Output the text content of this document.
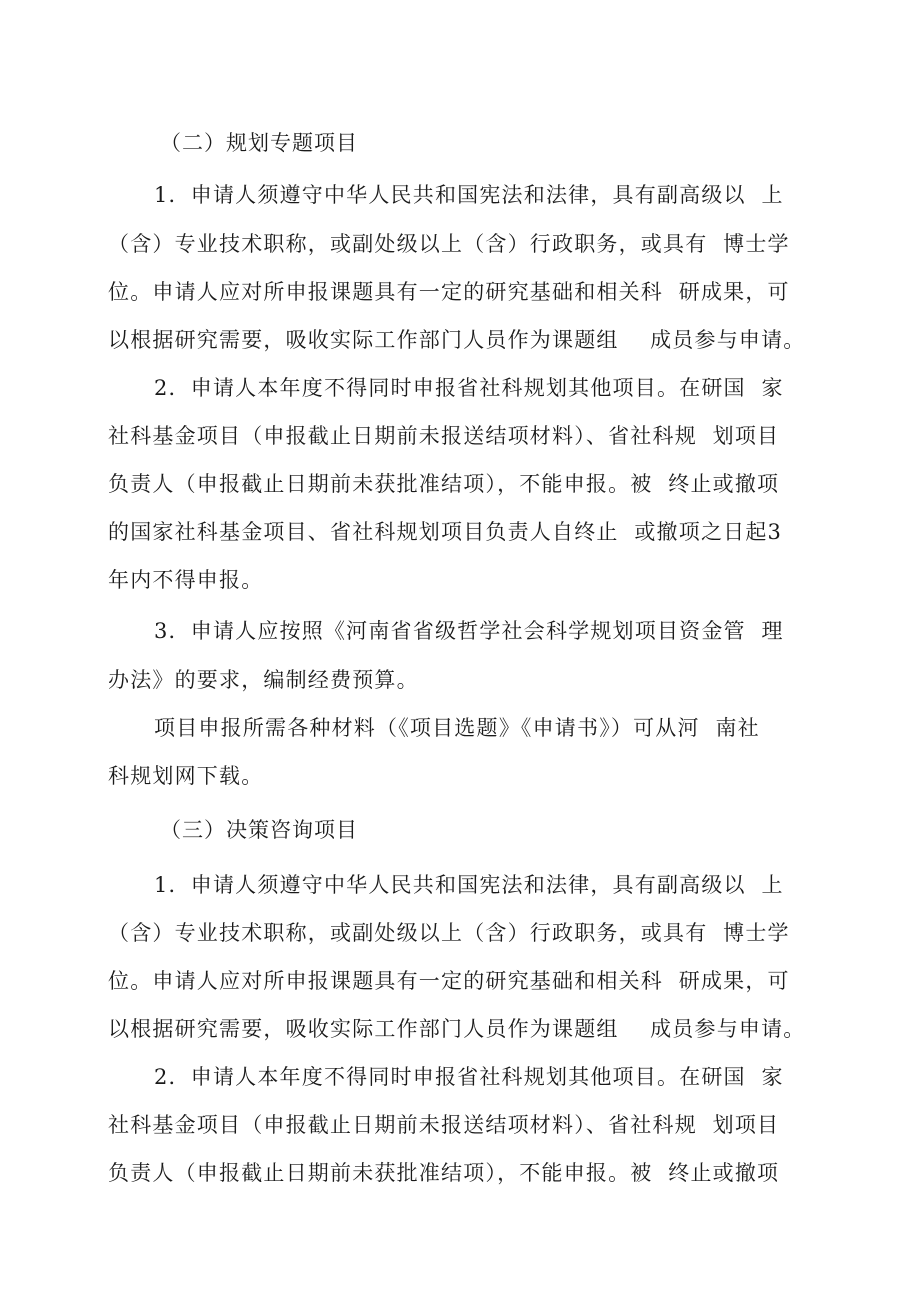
（二）规划专题项目
1．申请人须遵守中华人民共和国宪法和法律，具有副高级以  上
（含）专业技术职称，或副处级以上（含）行政职务，或具有  博士学
位。申请人应对所申报课题具有一定的研究基础和相关科  研成果，可
以根据研究需要，吸收实际工作部门人员作为课题组    成员参与申请。
2．申请人本年度不得同时申报省社科规划其他项目。在研国  家
社科基金项目（申报截止日期前未报送结项材料）、省社科规  划项目
负责人（申报截止日期前未获批准结项），不能申报。被  终止或撤项
的国家社科基金项目、省社科规划项目负责人自终止  或撤项之日起3
年内不得申报。
3．申请人应按照《河南省省级哲学社会科学规划项目资金管  理
办法》的要求，编制经费预算。
项目申报所需各种材料（《项目选题》《申请书》）可从河  南社
科规划网下载。
（三）决策咨询项目
1．申请人须遵守中华人民共和国宪法和法律，具有副高级以  上
（含）专业技术职称，或副处级以上（含）行政职务，或具有  博士学
位。申请人应对所申报课题具有一定的研究基础和相关科  研成果，可
以根据研究需要，吸收实际工作部门人员作为课题组    成员参与申请。
2．申请人本年度不得同时申报省社科规划其他项目。在研国  家
社科基金项目（申报截止日期前未报送结项材料）、省社科规  划项目
负责人（申报截止日期前未获批准结项），不能申报。被  终止或撤项
